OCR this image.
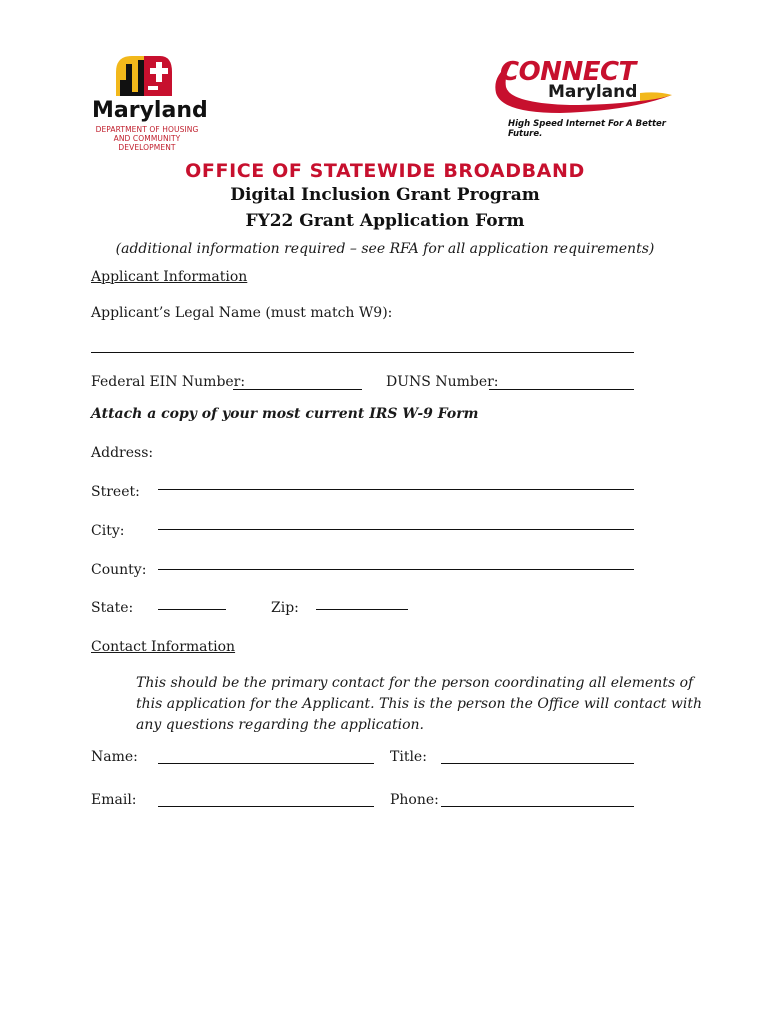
Maryland
DEPARTMENT OF HOUSING
AND COMMUNITY DEVELOPMENT
CONNECT
Maryland
High Speed Internet For A Better Future.
OFFICE OF STATEWIDE BROADBAND
Digital Inclusion Grant Program
FY22 Grant Application Form
(additional information required – see RFA for all application requirements)
Applicant Information
Applicant’s Legal Name (must match W9):
Federal EIN Number:	DUNS Number:
Attach a copy of your most current IRS W-9 Form
Address:
Street:
City:
County:
State:	Zip:
Contact Information
This should be the primary contact for the person coordinating all elements of
this application for the Applicant. This is the person the Office will contact with
any questions regarding the application.
Name:	Title:
Email:	Phone:
